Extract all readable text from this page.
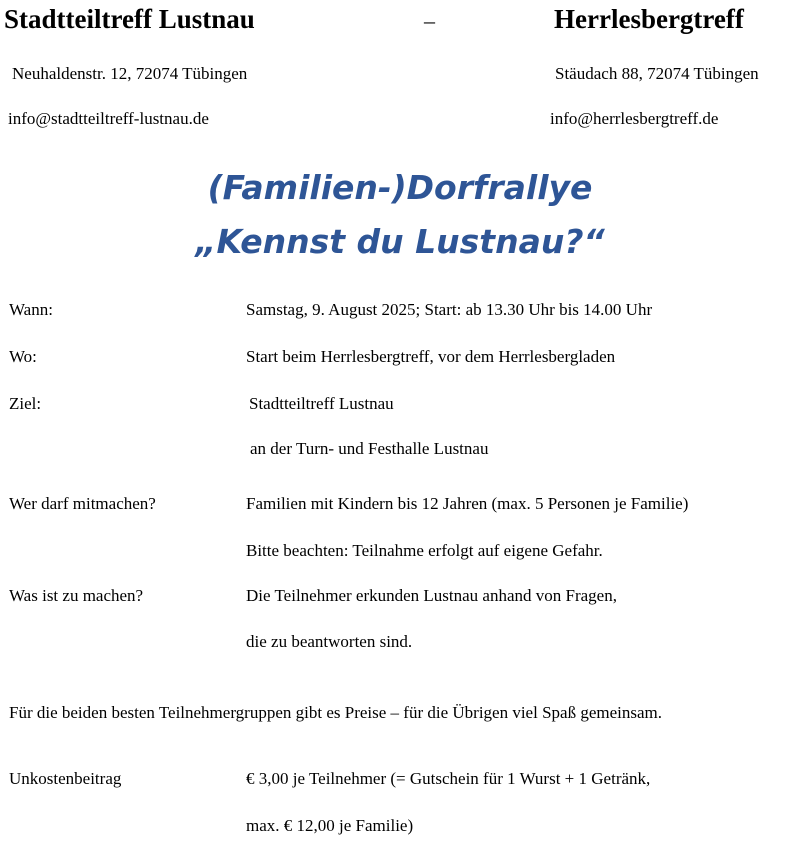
Stadtteiltreff Lustnau	–	Herrlesbergtreff
Neuhaldenstr. 12, 72074 Tübingen	Stäudach 88, 72074 Tübingen
info@stadtteiltreff-lustnau.de	info@herrlesbergtreff.de
(Familien-)Dorfrallye
„Kennst du Lustnau?“
Wann:	Samstag, 9. August 2025; Start: ab 13.30 Uhr bis 14.00 Uhr
Wo:	Start beim Herrlesbergtreff, vor dem Herrlesbergladen
Ziel:	Stadtteiltreff Lustnau
an der Turn- und Festhalle Lustnau
Wer darf mitmachen?	Familien mit Kindern bis 12 Jahren (max. 5 Personen je Familie)
Bitte beachten: Teilnahme erfolgt auf eigene Gefahr.
Was ist zu machen?	Die Teilnehmer erkunden Lustnau anhand von Fragen,
die zu beantworten sind.
Für die beiden besten Teilnehmergruppen gibt es Preise – für die Übrigen viel Spaß gemeinsam.
Unkostenbeitrag	€ 3,00 je Teilnehmer (= Gutschein für 1 Wurst + 1 Getränk,
max. € 12,00 je Familie)
